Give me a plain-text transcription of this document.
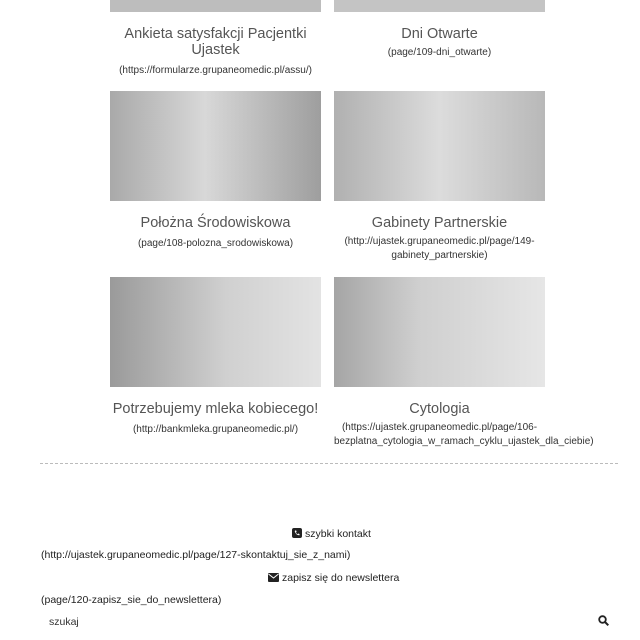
Ankieta satysfakcji Pacjentki Ujastek
(https://formularze.grupaneomedic.pl/assu/)
Dni Otwarte
(page/109-dni_otwarte)
Położna Środowiskowa
(page/108-polozna_srodowiskowa)
Gabinety Partnerskie
(http://ujastek.grupaneomedic.pl/page/149-gabinety_partnerskie)
Potrzebujemy mleka kobiecego!
(http://bankmleka.grupaneomedic.pl/)
Cytologia
(https://ujastek.grupaneomedic.pl/page/106-bezplatna_cytologia_w_ramach_cyklu_ujastek_dla_ciebie)
szybki kontakt
(http://ujastek.grupaneomedic.pl/page/127-skontaktuj_sie_z_nami)
zapisz się do newslettera
(page/120-zapisz_sie_do_newslettera)
szukaj
